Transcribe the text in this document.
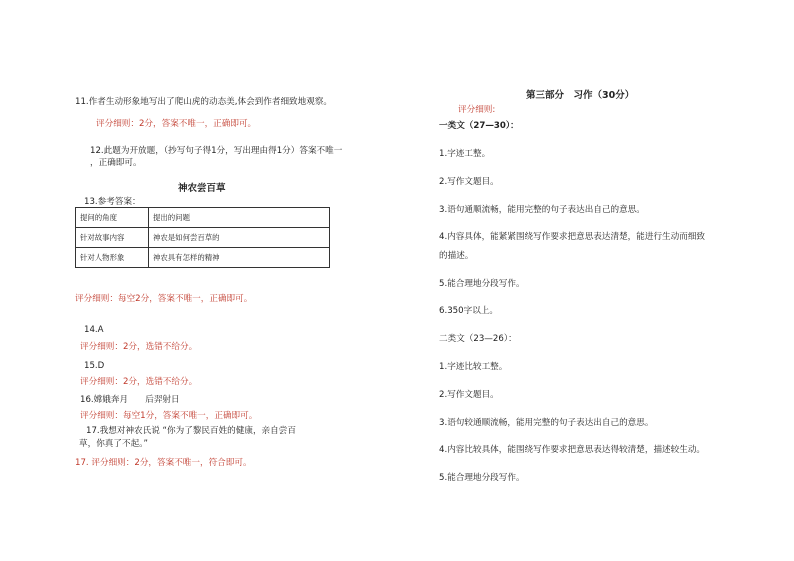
11.作者生动形象地写出了爬山虎的动态美,体会到作者细致地观察。
评分细则：2分，答案不唯一，正确即可。
12.此题为开放题，（抄写句子得1分，写出理由得1分）答案不唯一
，正确即可。
神农尝百草
13.参考答案：
提问的角度	提出的问题
针对故事内容	神农是如何尝百草的
针对人物形象	神农具有怎样的精神
评分细则：每空2分，答案不唯一，正确即可。
14.A
评分细则：2分，选错不给分。
15.D
评分细则：2分，选错不给分。
16.嫦娥奔月　　后羿射日
评分细则：每空1分，答案不唯一，正确即可。
17.我想对神农氏说 “你为了黎民百姓的健康，亲自尝百
草，你真了不起。”
17. 评分细则：2分，答案不唯一，符合即可。
第三部分　习作（30分）
评分细则:
一类文（27—30）：
1.字迹工整。
2.写作文题目。
3.语句通顺流畅，能用完整的句子表达出自己的意思。
4.内容具体，能紧紧围绕写作要求把意思表达清楚，能进行生动而细致
的描述。
5.能合理地分段写作。
6.350字以上。
二类文（23—26）：
1.字迹比较工整。
2.写作文题目。
3.语句较通顺流畅，能用完整的句子表达出自己的意思。
4.内容比较具体，能围绕写作要求把意思表达得较清楚，描述较生动。
5.能合理地分段写作。
